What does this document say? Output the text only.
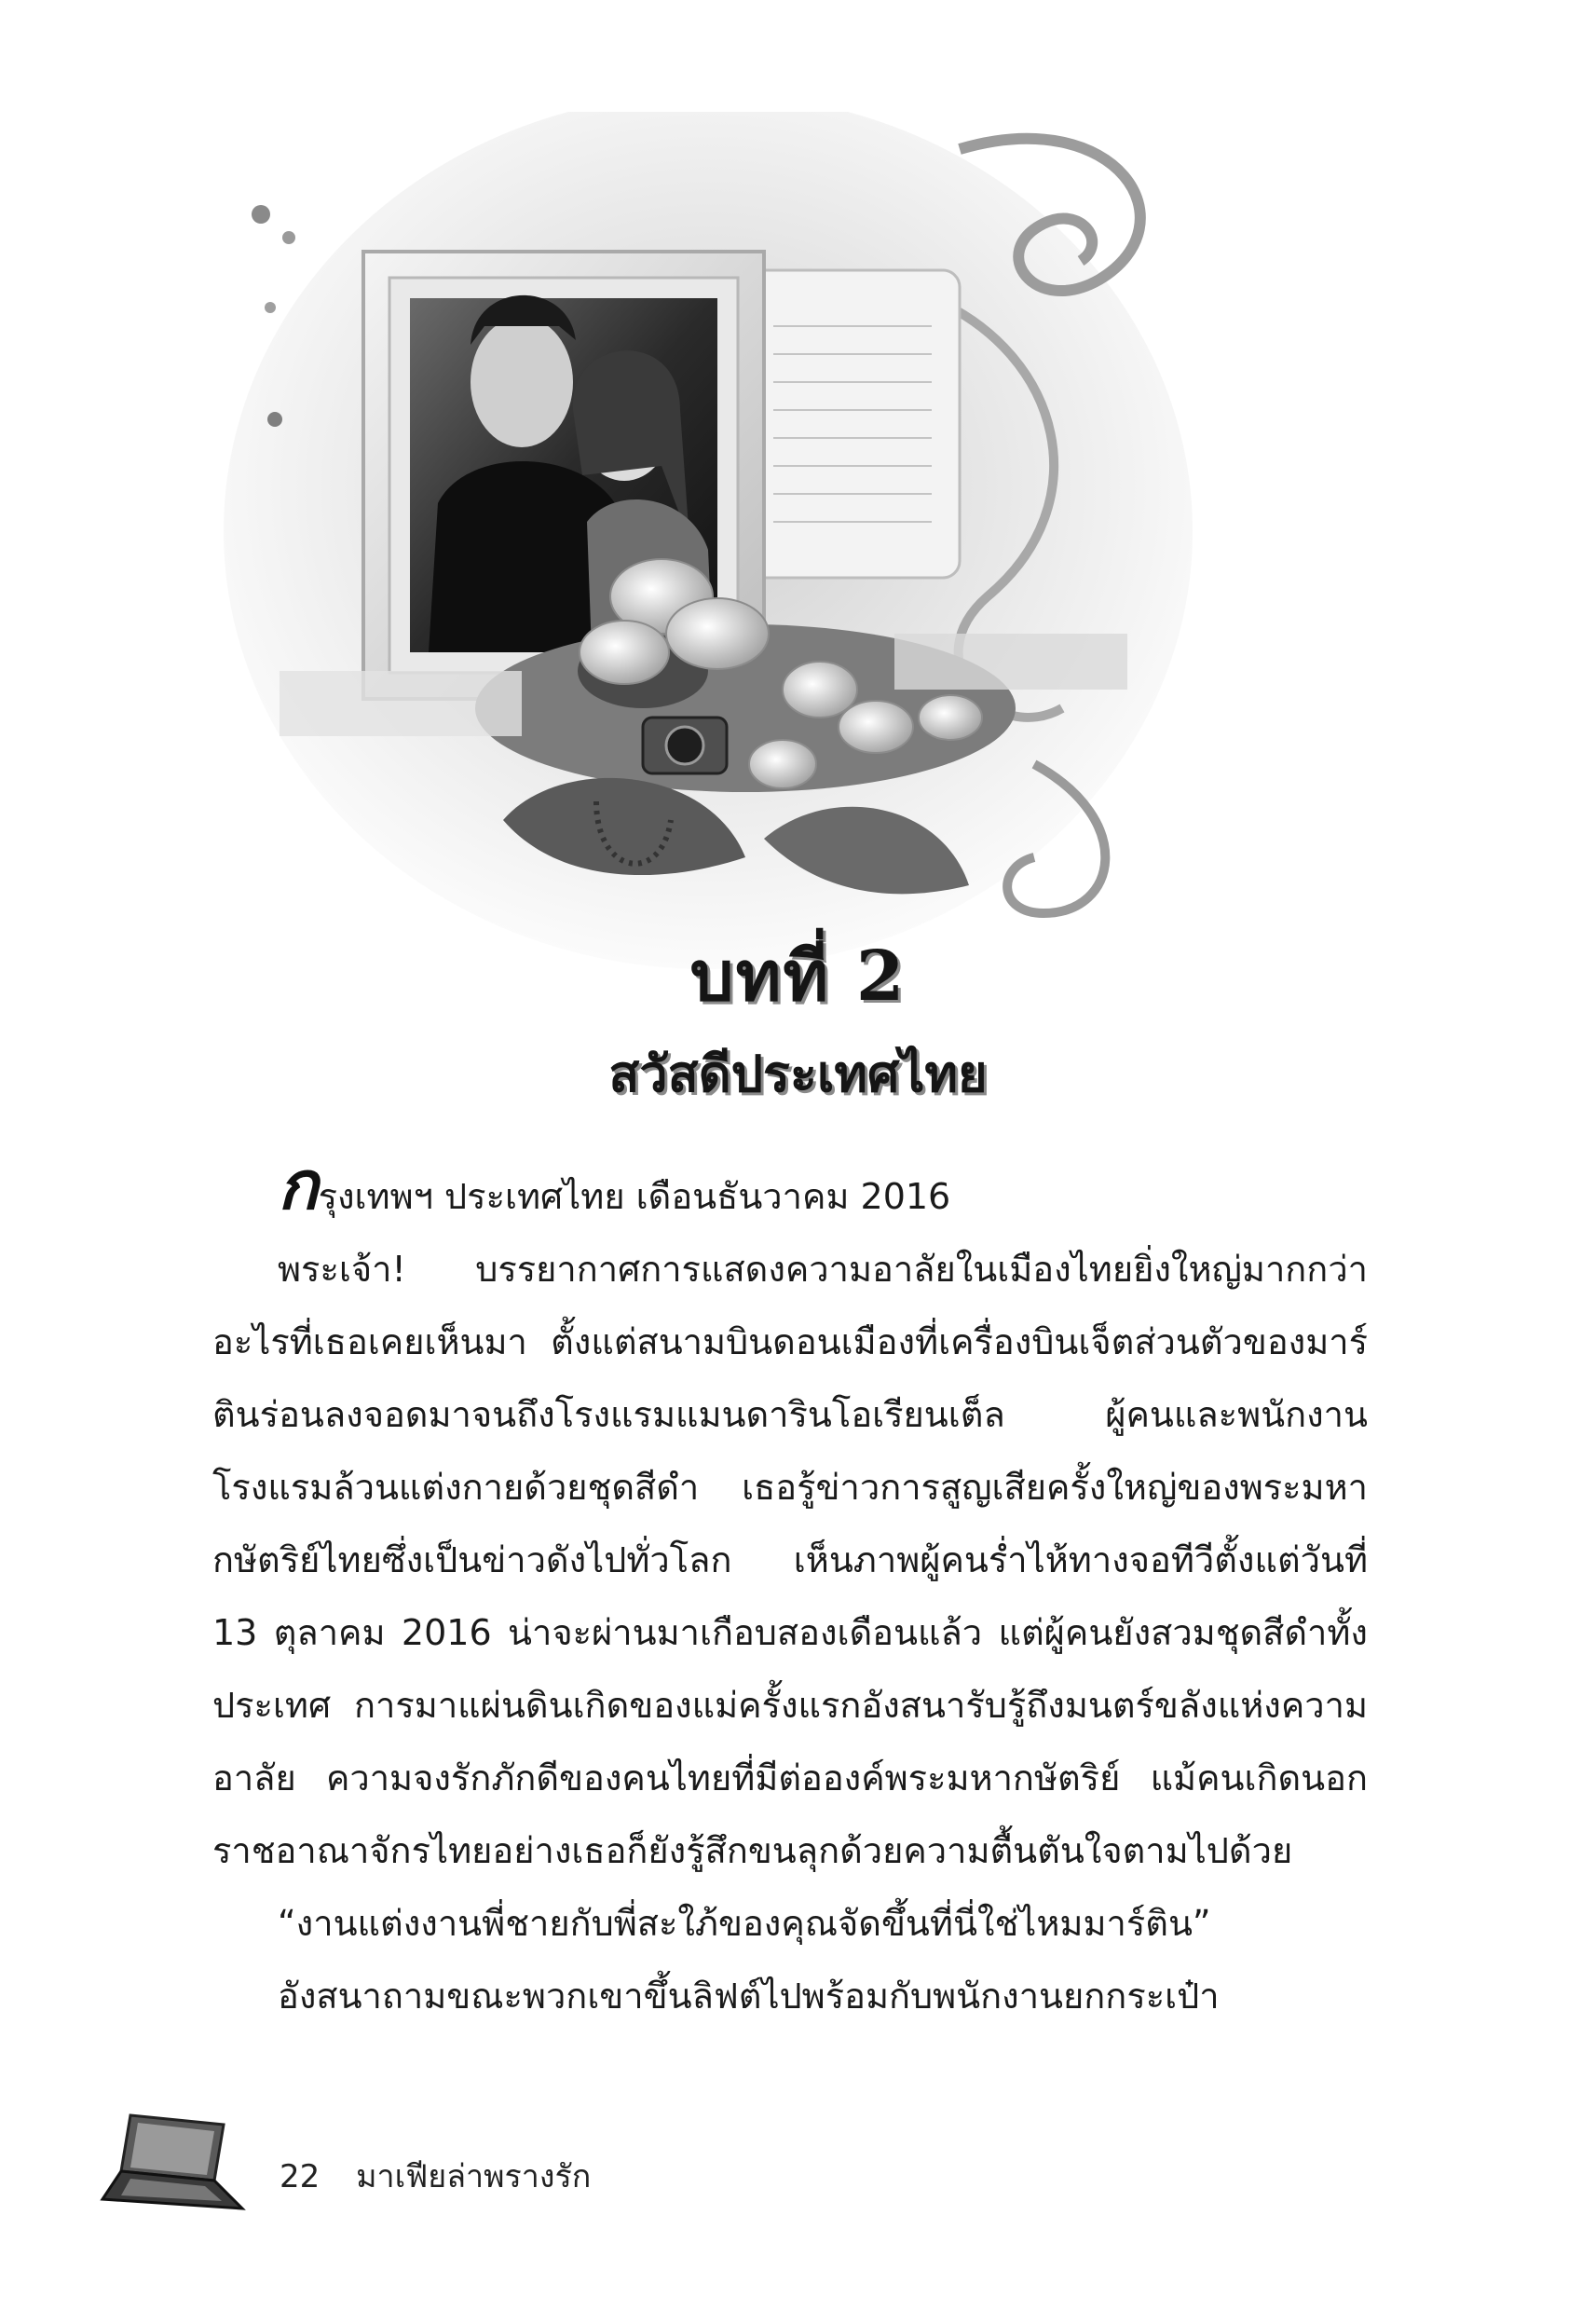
บทที่ 2
สวัสดีประเทศไทย

กรุงเทพฯ ประเทศไทย เดือนธันวาคม 2016

พระเจ้า! บรรยากาศการแสดงความอาลัยในเมืองไทยยิ่งใหญ่มากกว่าอะไรที่เธอเคยเห็นมา ตั้งแต่สนามบินดอนเมืองที่เครื่องบินเจ็ตส่วนตัวของมาร์ตินร่อนลงจอดมาจนถึงโรงแรมแมนดารินโอเรียนเต็ล ผู้คนและพนักงานโรงแรมล้วนแต่งกายด้วยชุดสีดำ เธอรู้ข่าวการสูญเสียครั้งใหญ่ของพระมหากษัตริย์ไทยซึ่งเป็นข่าวดังไปทั่วโลก เห็นภาพผู้คนร่ำไห้ทางจอทีวีตั้งแต่วันที่ 13 ตุลาคม 2016 น่าจะผ่านมาเกือบสองเดือนแล้ว แต่ผู้คนยังสวมชุดสีดำทั้งประเทศ การมาแผ่นดินเกิดของแม่ครั้งแรกอังสนารับรู้ถึงมนตร์ขลังแห่งความอาลัย ความจงรักภักดีของคนไทยที่มีต่อองค์พระมหากษัตริย์ แม้คนเกิดนอกราชอาณาจักรไทยอย่างเธอก็ยังรู้สึกขนลุกด้วยความตื้นตันใจตามไปด้วย

“งานแต่งงานพี่ชายกับพี่สะใภ้ของคุณจัดขึ้นที่นี่ใช่ไหมมาร์ติน”

อังสนาถามขณะพวกเขาขึ้นลิฟต์ไปพร้อมกับพนักงานยกกระเป๋า

22 มาเฟียล่าพรางรัก
